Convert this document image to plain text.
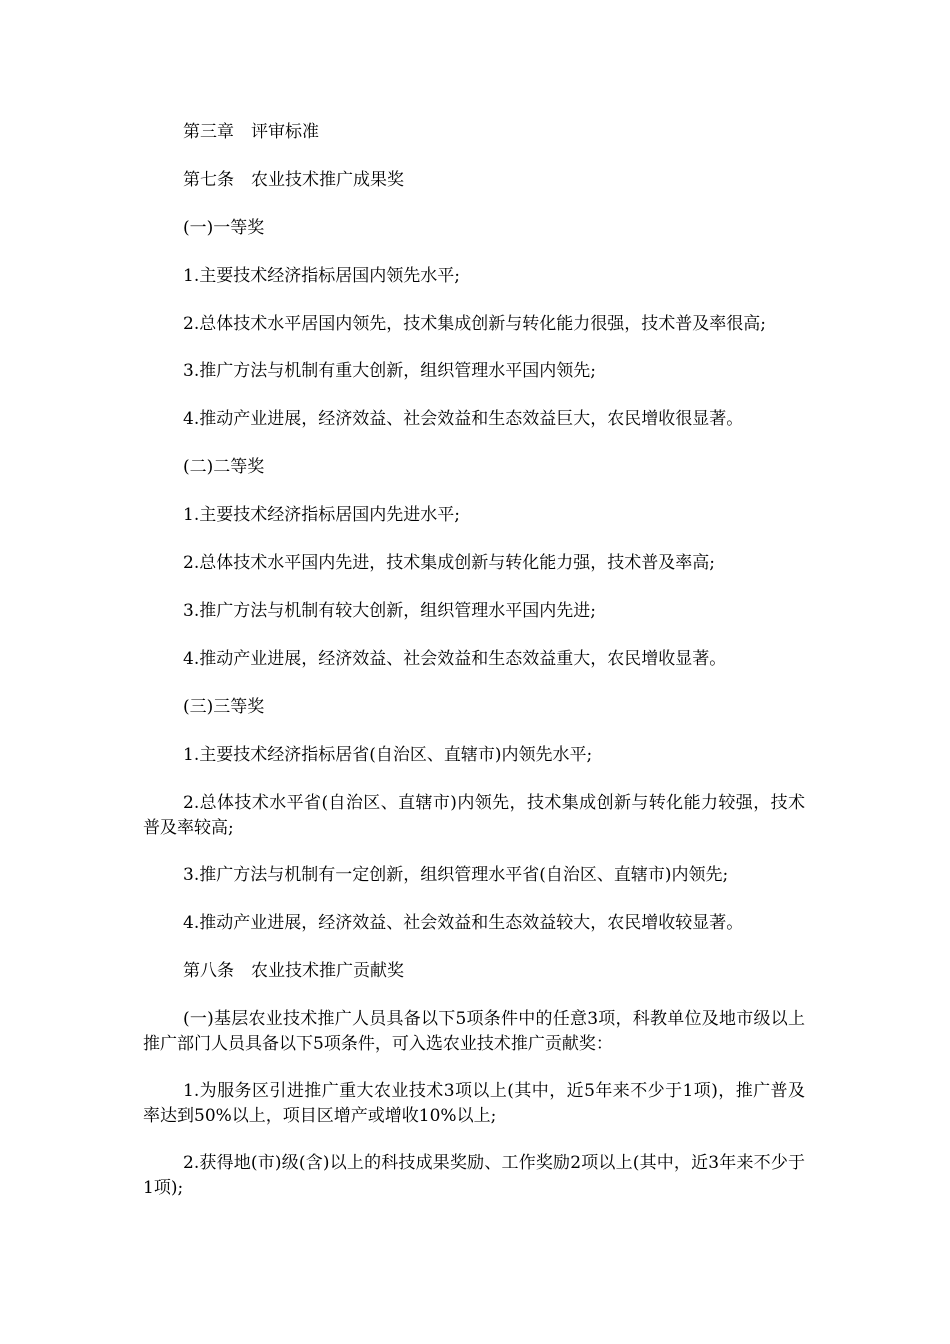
第三章　评审标准

第七条　农业技术推广成果奖

(一)一等奖

1.主要技术经济指标居国内领先水平;

2.总体技术水平居国内领先，技术集成创新与转化能力很强，技术普及率很高;

3.推广方法与机制有重大创新，组织管理水平国内领先;

4.推动产业进展，经济效益、社会效益和生态效益巨大，农民增收很显著。

(二)二等奖

1.主要技术经济指标居国内先进水平;

2.总体技术水平国内先进，技术集成创新与转化能力强，技术普及率高;

3.推广方法与机制有较大创新，组织管理水平国内先进;

4.推动产业进展，经济效益、社会效益和生态效益重大，农民增收显著。

(三)三等奖

1.主要技术经济指标居省(自治区、直辖市)内领先水平;

2.总体技术水平省(自治区、直辖市)内领先，技术集成创新与转化能力较强，技术普及率较高;

3.推广方法与机制有一定创新，组织管理水平省(自治区、直辖市)内领先;

4.推动产业进展，经济效益、社会效益和生态效益较大，农民增收较显著。

第八条　农业技术推广贡献奖

(一)基层农业技术推广人员具备以下5项条件中的任意3项，科教单位及地市级以上推广部门人员具备以下5项条件，可入选农业技术推广贡献奖：

1.为服务区引进推广重大农业技术3项以上(其中，近5年来不少于1项)，推广普及率达到50%以上，项目区增产或增收10%以上;

2.获得地(市)级(含)以上的科技成果奖励、工作奖励2项以上(其中，近3年来不少于1项);
